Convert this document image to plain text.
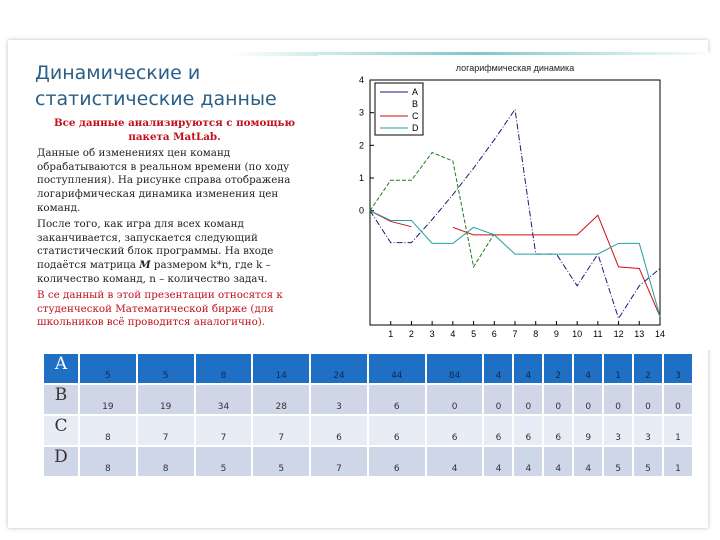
Динамические и статистические данные

Все данные анализируются с помощью пакета MatLab.

Данные об изменениях цен команд обрабатываются в реальном времени (по ходу поступления). На рисунке справа отображена логарифмическая динамика изменения цен команд.

После того, как игра для всех команд заканчивается, запускается следующий статистический блок программы. На входе подаётся матрица M размером k*n, где k – количество команд, n – количество задач.

В се данный в этой презентации относятся к студенческой Математической бирже (для школьников всё проводится аналогично).

логарифмическая динамика
4
3
2
1
0
1 2 3 4 5 6 7 8 9 10 11 12 13 14
A
B
C
D
A	5	5	8	14	24	44	84	4	4	2	4	1	2	3
B	19	19	34	28	3	6	0	0	0	0	0	0	0	0
C	8	7	7	7	6	6	6	6	6	6	9	3	3	1
D	8	8	5	5	7	6	4	4	4	4	4	5	5	1
